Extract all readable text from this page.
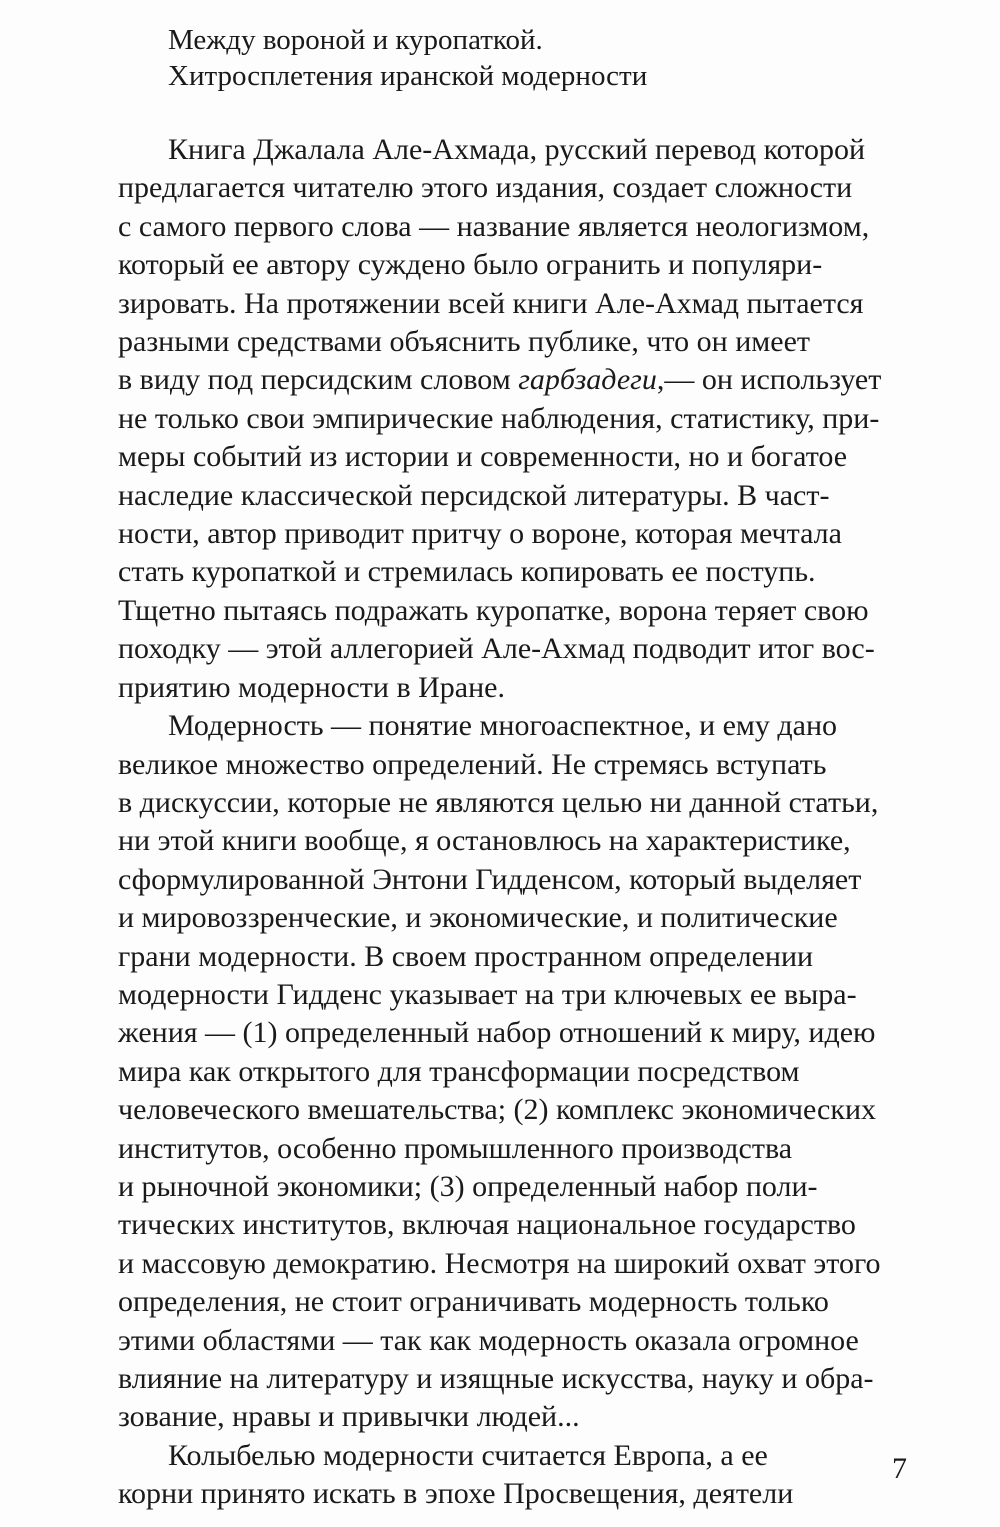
Между вороной и куропаткой.
Хитросплетения иранской модерности
Книга Джалала Але-Ахмада, русский перевод которой
предлагается читателю этого издания, создает сложности
с самого первого слова — название является неологизмом,
который ее автору суждено было огранить и популяри-
зировать. На протяжении всей книги Але-Ахмад пытается
разными средствами объяснить публике, что он имеет
в виду под персидским словом гарбзадеги,— он использует
не только свои эмпирические наблюдения, статистику, при-
меры событий из истории и современности, но и богатое
наследие классической персидской литературы. В част-
ности, автор приводит притчу о вороне, которая мечтала
стать куропаткой и стремилась копировать ее поступь.
Тщетно пытаясь подражать куропатке, ворона теряет свою
походку — этой аллегорией Але-Ахмад подводит итог вос-
приятию модерности в Иране.
Модерность — понятие многоаспектное, и ему дано
великое множество определений. Не стремясь вступать
в дискуссии, которые не являются целью ни данной статьи,
ни этой книги вообще, я остановлюсь на характеристике,
сформулированной Энтони Гидденсом, который выделяет
и мировоззренческие, и экономические, и политические
грани модерности. В своем пространном определении
модерности Гидденс указывает на три ключевых ее выра-
жения — (1) определенный набор отношений к миру, идею
мира как открытого для трансформации посредством
человеческого вмешательства; (2) комплекс экономических
институтов, особенно промышленного производства
и рыночной экономики; (3) определенный набор поли-
тических институтов, включая национальное государство
и массовую демократию. Несмотря на широкий охват этого
определения, не стоит ограничивать модерность только
этими областями — так как модерность оказала огромное
влияние на литературу и изящные искусства, науку и обра-
зование, нравы и привычки людей...
Колыбелью модерности считается Европа, а ее
корни принято искать в эпохе Просвещения, деятели
7
